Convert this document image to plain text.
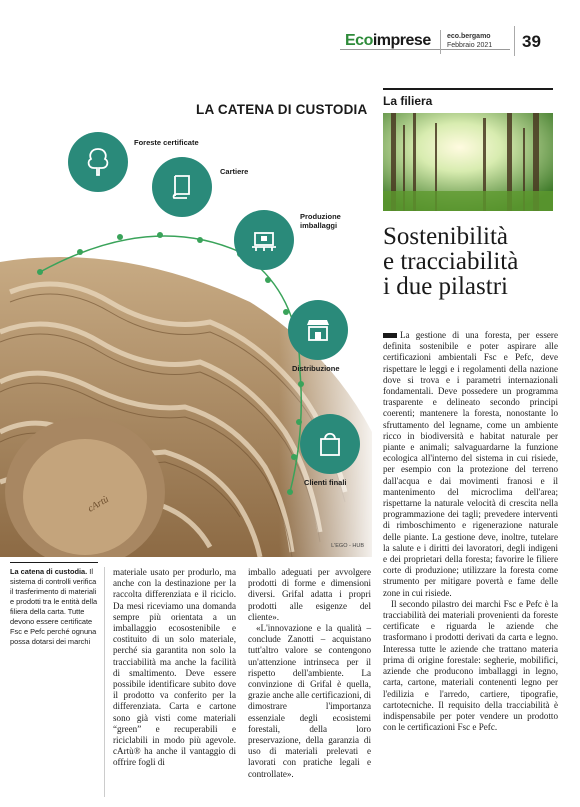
Ecoimprese eco.bergamo
Febbraio 2021 39
LA CATENA DI CUSTODIA
Foreste certificate
Cartiere
Produzione imballaggi
Distribuzione
Clienti finali
L'EGO - HUB
La filiera
Sostenibilità
e tracciabilità
i due pilastri

La gestione di una foresta, per essere definita sostenibile e poter aspirare alle certificazioni ambientali Fsc e Pefc, deve rispettare le leggi e i regolamenti della nazione dove si trova e i parametri internazionali fondamentali. Deve possedere un programma trasparente e delineato secondo principi coerenti; mantenere la foresta, nonostante lo sfruttamento del legname, come un ambiente ricco in biodiversità e habitat naturale per piante e animali; salvaguardarne la funzione ecologica all'interno del sistema in cui risiede, per esempio con la protezione del terreno dall'acqua e dai movimenti franosi e il mantenimento del microclima dell'area; rispettarne la naturale velocità di crescita nella programmazione dei tagli; prevedere interventi di rimboschimento e rigenerazione naturale delle piante. La gestione deve, inoltre, tutelare la salute e i diritti dei lavoratori, degli indigeni e dei proprietari della foresta; favorire le filiere corte di produzione; utilizzare la foresta come strumento per mitigare povertà e fame delle zone in cui risiede.

Il secondo pilastro dei marchi Fsc e Pefc è la tracciabilità dei materiali provenienti da foreste certificate e riguarda le aziende che trasformano i prodotti derivati da carta e legno. Interessa tutte le aziende che trattano materia prima di origine forestale: segherie, mobilifici, aziende che producono imballaggi in legno, carta, cartone, materiali contenenti legno per l'edilizia e l'arredo, cartiere, tipografie, cartotecniche. Il requisito della tracciabilità è indispensabile per poter vendere un prodotto con le certificazioni Fsc e Pefc.

La catena di custodia. Il sistema di controlli verifica il trasferimento di materiali e prodotti tra le entità della filiera della carta. Tutte devono essere certificate Fsc e Pefc perché ognuna possa dotarsi dei marchi

materiale usato per produrlo, ma anche con la destinazione per la raccolta differenziata e il riciclo. Da mesi riceviamo una domanda sempre più orientata a un imballaggio ecosostenibile e costituito di un solo materiale, perché sia garantita non solo la tracciabilità ma anche la facilità di smaltimento. Deve essere possibile identificare subito dove il prodotto va conferito per la differenziata. Carta e cartone sono già visti come materiali “green” e recuperabili e riciclabili in modo più agevole. cArtù® ha anche il vantaggio di offrire fogli di

imballo adeguati per avvolgere prodotti di forme e dimensioni diversi. Grifal adatta i propri prodotti alle esigenze del cliente».

«L'innovazione e la qualità – conclude Zanotti – acquistano tutt'altro valore se contengono un'attenzione intrinseca per il rispetto dell'ambiente. La convinzione di Grifal è quella, grazie anche alle certificazioni, di dimostrare l'importanza essenziale degli ecosistemi forestali, della loro preservazione, della garanzia di uso di materiali prelevati e lavorati con pratiche legali e controllate».
